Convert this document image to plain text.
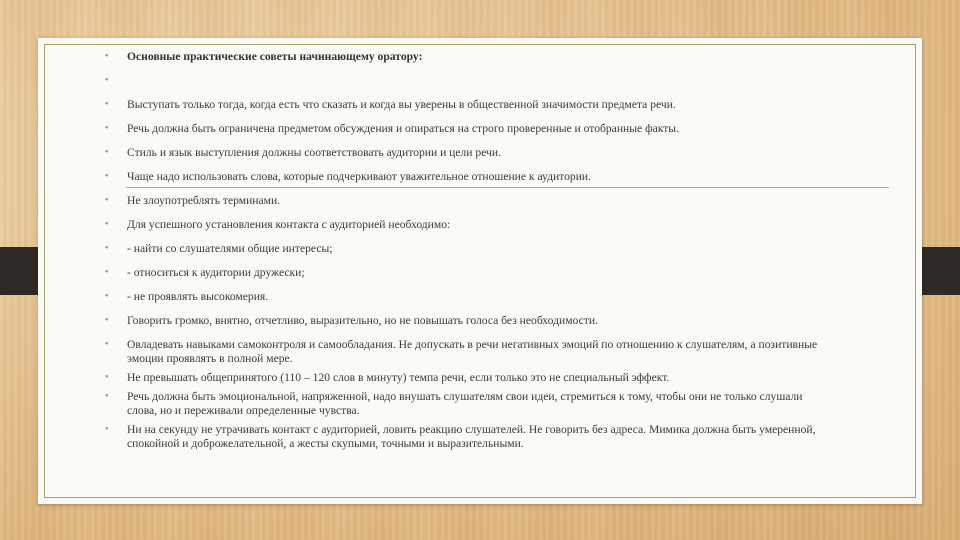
• Основные практические советы начинающему оратору:
•

• Выступать только тогда, когда есть что сказать и когда вы уверены в общественной значимости предмета речи.
• Речь должна быть ограничена предметом обсуждения и опираться на строго проверенные и отобранные факты.
• Стиль и язык выступления должны соответствовать аудитории и цели речи.
• Чаще надо использовать слова, которые подчеркивают уважительное отношение к аудитории.
• Не злоупотреблять терминами.
• Для успешного установления контакта с аудиторией необходимо:
• - найти со слушателями общие интересы;
• - относиться к аудитории дружески;
• - не проявлять высокомерия.
• Говорить громко, внятно, отчетливо, выразительно, но не повышать голоса без необходимости.
• Овладевать навыками самоконтроля и самообладания. Не допускать в речи негативных эмоций по отношению к слушателям, а позитивные эмоции проявлять в полной мере.
• Не превышать общепринятого (110 – 120 слов в минуту) темпа речи, если только это не специальный эффект.
• Речь должна быть эмоциональной, напряженной, надо внушать слушателям свои идеи, стремиться к тому, чтобы они не только слушали слова, но и переживали определенные чувства.
• Ни на секунду не утрачивать контакт с аудиторией, ловить реакцию слушателей. Не говорить без адреса. Мимика должна быть умеренной, спокойной и доброжелательной, а жесты скупыми, точными и выразительными.
